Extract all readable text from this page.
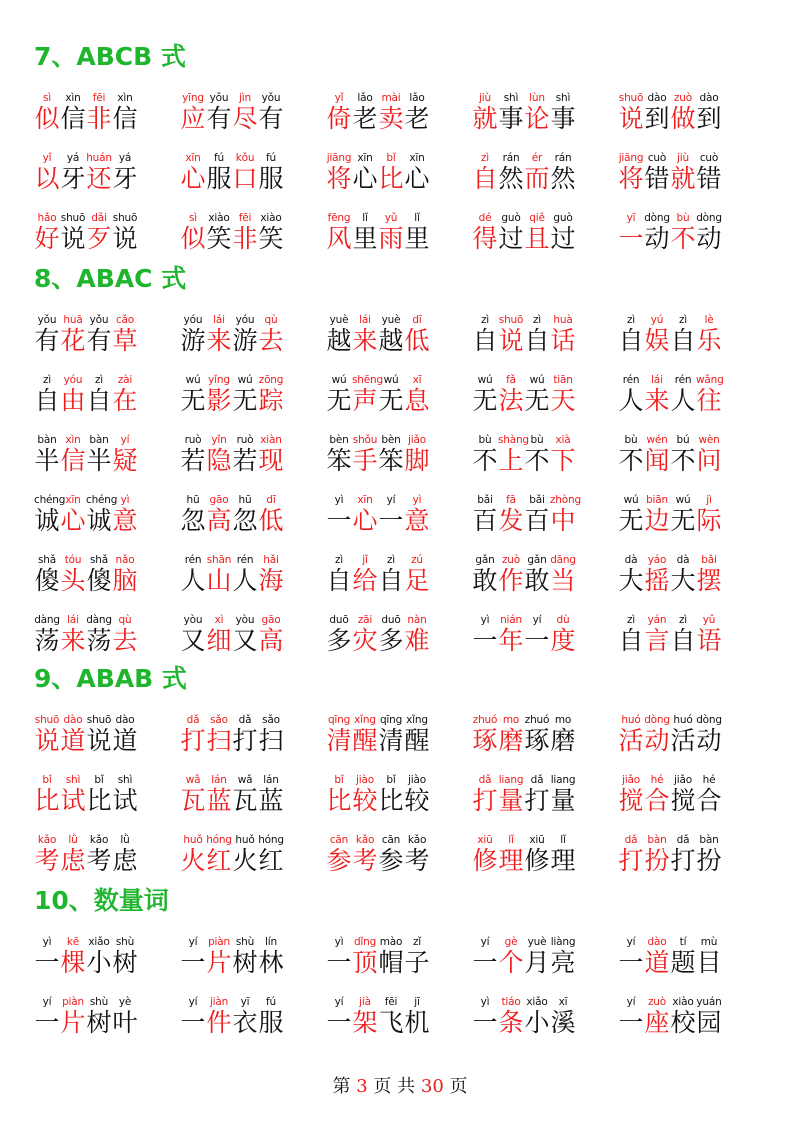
7、ABCB 式
sì xìn fēi xìn
似信非信
yīng yǒu jìn yǒu
应有尽有
yǐ lǎo mài lǎo
倚老卖老
jiù shì lùn shì
就事论事
shuō dào zuò dào
说到做到
yǐ yá huán yá
以牙还牙
xīn fú kǒu fú
心服口服
jiāng xīn bǐ xīn
将心比心
zì rán ér rán
自然而然
jiāng cuò jiù cuò
将错就错
hǎo shuō dǎi shuō
好说歹说
sì xiào fēi xiào
似笑非笑
fēng lǐ yǔ lǐ
风里雨里
dé guò qiě guò
得过且过
yī dòng bù dòng
一动不动
8、ABAC 式
yǒu huā yǒu cǎo
有花有草
yóu lái yóu qù
游来游去
yuè lái yuè dī
越来越低
zì shuō zì huà
自说自话
zì yú zì lè
自娱自乐
zì yóu zì zài
自由自在
wú yǐng wú zōng
无影无踪
wú shēngwú xī
无声无息
wú fǎ wú tiān
无法无天
rén lái rén wǎng
人来人往
bàn xìn bàn yí
半信半疑
ruò yǐn ruò xiàn
若隐若现
bèn shǒu bèn jiǎo
笨手笨脚
bù shàng bù xià
不上不下
bù wén bú wèn
不闻不问
chéngxīn chéng yì
诚心诚意
hū gāo hū dī
忽高忽低
yì xīn yí yì
一心一意
bǎi fā bǎi zhòng
百发百中
wú biān wú jì
无边无际
shǎ tóu shǎ nǎo
傻头傻脑
rén shān rén hǎi
人山人海
zì jǐ zì zú
自给自足
gǎn zuò gǎn dāng
敢作敢当
dà yáo dà bǎi
大摇大摆
dàng lái dàng qù
荡来荡去
yòu xì yòu gāo
又细又高
duō zāi duō nàn
多灾多难
yì nián yí dù
一年一度
zì yán zì yǔ
自言自语
9、ABAB 式
shuō dào shuō dào
说道说道
dǎ sǎo dǎ sǎo
打扫打扫
qīng xǐng qīng xǐng
清醒清醒
zhuó mo zhuó mo
琢磨琢磨
huó dòng huó dòng
活动活动
bǐ shì bǐ shì
比试比试
wǎ lán wǎ lán
瓦蓝瓦蓝
bǐ jiào bǐ jiào
比较比较
dǎ liang dǎ liang
打量打量
jiǎo hé jiǎo hé
搅合搅合
kǎo lǜ kǎo lǜ
考虑考虑
huǒ hóng huǒ hóng
火红火红
cān kǎo cān kǎo
参考参考
xiū lǐ xiū lǐ
修理修理
dǎ bàn dǎ bàn
打扮打扮
10、数量词
yì kē xiǎo shù
一棵小树
yí piàn shù lín
一片树林
yì dǐng mào zǐ
一顶帽子
yí gè yuè liàng
一个月亮
yí dào tí mù
一道题目
yí piàn shù yè
一片树叶
yí jiàn yī fú
一件衣服
yí jià fēi jī
一架飞机
yì tiáo xiǎo xī
一条小溪
yí zuò xiào yuán
一座校园
第 3 页 共 30 页
